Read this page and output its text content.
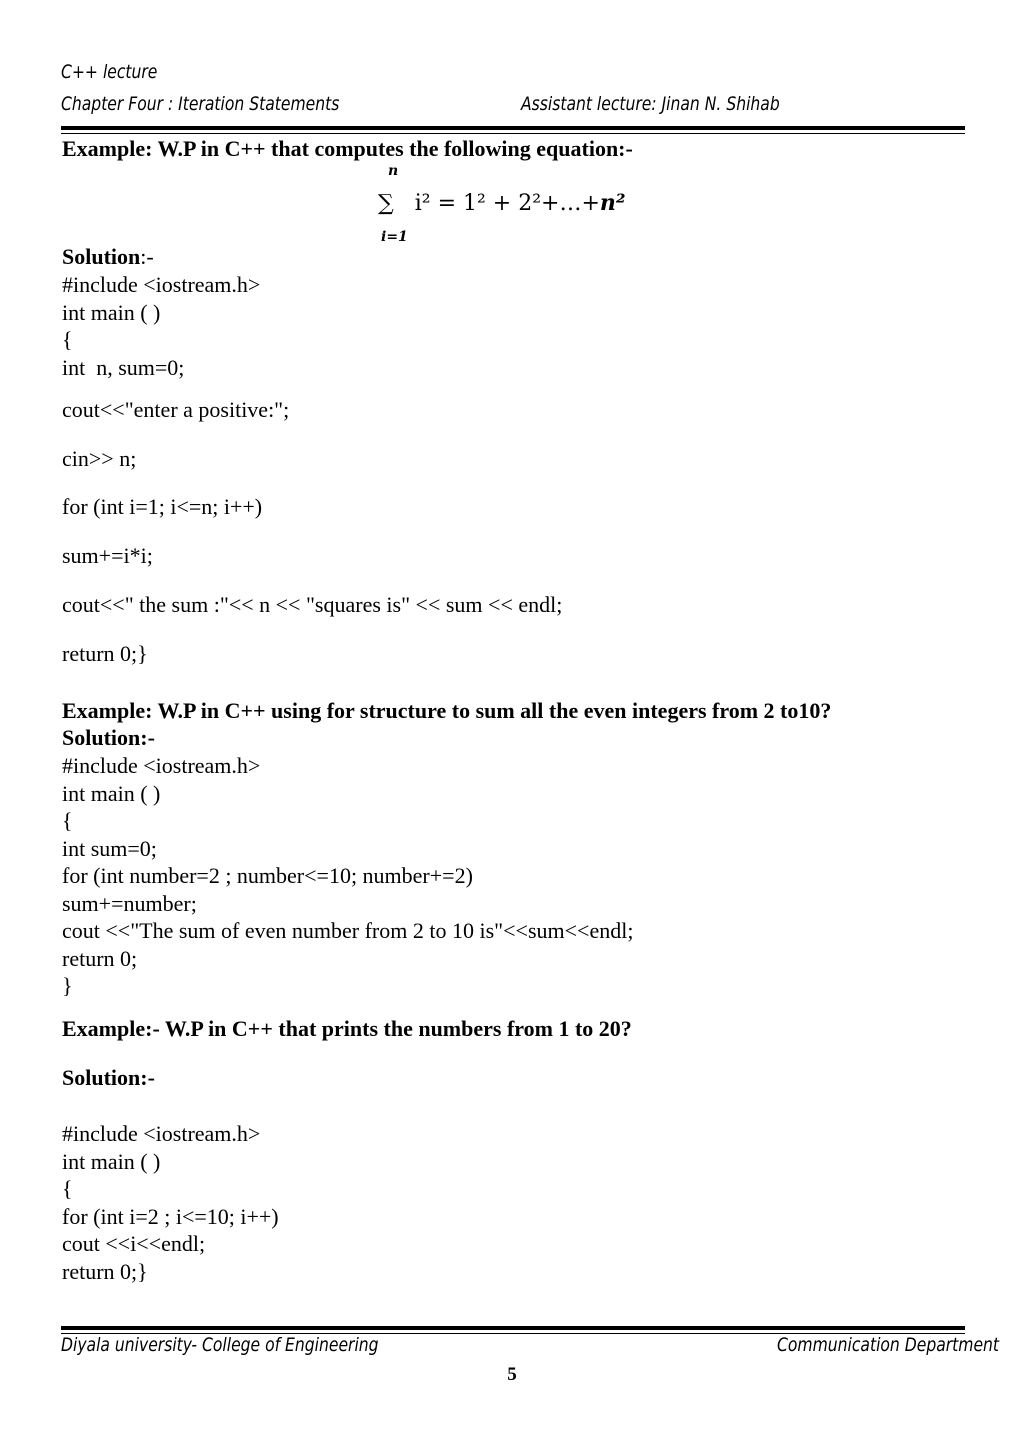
C++ lecture
Chapter Four : Iteration Statements	Assistant lecture: Jinan N. Shihab
Example: W.P in C++ that computes the following equation:-
n
∑ i² = 1² + 2²+…+n²
i=1
Solution:-
#include <iostream.h>
int main ( )
{
int  n, sum=0;
cout<<"enter a positive:";
cin>> n;
for (int i=1; i<=n; i++)
sum+=i*i;
cout<<" the sum :"<< n << "squares is" << sum << endl;
return 0;}
Example: W.P in C++ using for structure to sum all the even integers from 2 to10?
Solution:-
#include <iostream.h>
int main ( )
{
int sum=0;
for (int number=2 ; number<=10; number+=2)
sum+=number;
cout <<"The sum of even number from 2 to 10 is"<<sum<<endl;
return 0;
}
Example:- W.P in C++ that prints the numbers from 1 to 20?
Solution:-
#include <iostream.h>
int main ( )
{
for (int i=2 ; i<=10; i++)
cout <<i<<endl;
return 0;}
Diyala university- College of Engineering	Communication Department
5
